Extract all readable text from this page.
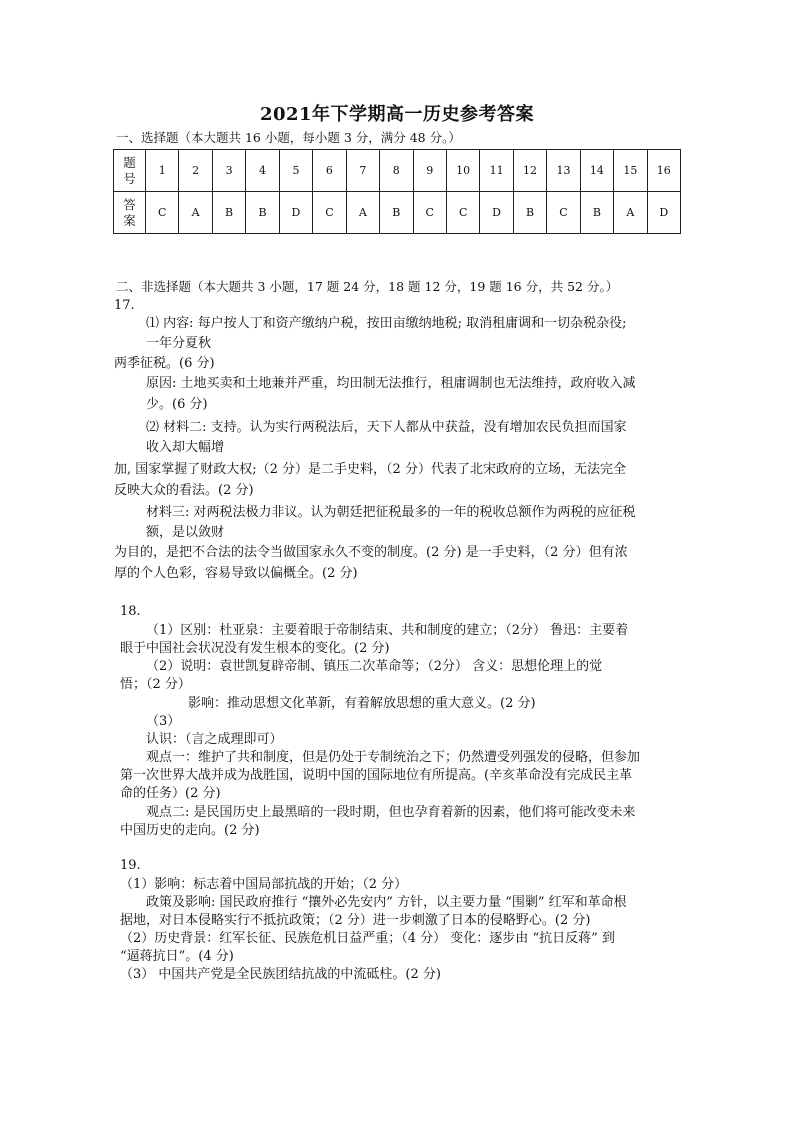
2021年下学期高一历史参考答案
一、选择题（本大题共 16 小题，每小题 3 分，满分 48 分。）
题
号	1	2	3	4	5	6	7	8	9	10	11	12	13	14	15	16
答
案	C	A	B	B	D	C	A	B	C	C	D	B	C	B	A	D
二、非选择题（本大题共 3 小题，17 题 24 分，18 题 12 分，19 题 16 分，共 52 分。）
17.
⑴ 内容: 每户按人丁和资产缴纳户税，按田亩缴纳地税; 取消租庸调和一切杂税杂役;
一年分夏秋
两季征税。(6 分)
原因: 土地买卖和土地兼并严重，均田制无法推行，租庸调制也无法维持，政府收入减
少。(6 分)
⑵ 材料二: 支持。认为实行两税法后，天下人都从中获益，没有增加农民负担而国家
收入却大幅增
加, 国家掌握了财政大权;（2 分）是二手史料，（2 分）代表了北宋政府的立场，无法完全
反映大众的看法。(2 分)
材料三: 对两税法极力非议。认为朝廷把征税最多的一年的税收总额作为两税的应征税
额，是以敛财
为目的，是把不合法的法令当做国家永久不变的制度。(2 分) 是一手史料，（2 分）但有浓
厚的个人色彩，容易导致以偏概全。(2 分)
18.
（1）区别：杜亚泉：主要着眼于帝制结束、共和制度的建立；（2分） 鲁迅：主要着
眼于中国社会状况没有发生根本的变化。(2 分)
（2）说明：袁世凯复辟帝制、镇压二次革命等；（2分） 含义：思想伦理上的觉
悟；（2 分）
影响：推动思想文化革新，有着解放思想的重大意义。(2 分)
（3）
认识：（言之成理即可）
观点一：维护了共和制度，但是仍处于专制统治之下；仍然遭受列强发的侵略，但参加
第一次世界大战并成为战胜国，说明中国的国际地位有所提高。(辛亥革命没有完成民主革
命的任务）(2 分)
观点二: 是民国历史上最黑暗的一段时期，但也孕育着新的因素，他们将可能改变未来
中国历史的走向。(2 分)
19.
（1）影响：标志着中国局部抗战的开始；（2 分）
政策及影响: 国民政府推行 “攘外必先安内” 方针，以主要力量 “围剿” 红军和革命根
据地，对日本侵略实行不抵抗政策；（2 分）进一步刺激了日本的侵略野心。(2 分)
（2）历史背景：红军长征、民族危机日益严重；（4 分） 变化：逐步由 “抗日反蒋” 到
“逼蒋抗日”。(4 分)
（3） 中国共产党是全民族团结抗战的中流砥柱。(2 分)
